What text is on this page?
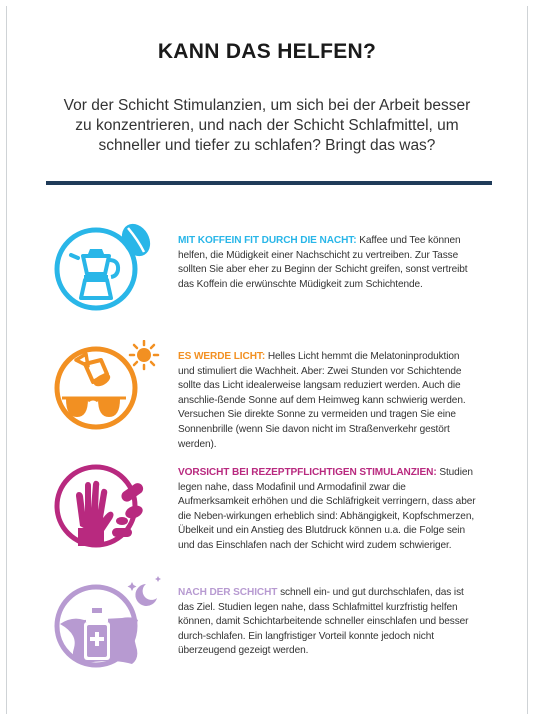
KANN DAS HELFEN?
Vor der Schicht Stimulanzien, um sich bei der Arbeit besser zu konzentrieren, und nach der Schicht Schlafmittel, um schneller und tiefer zu schlafen? Bringt das was?
MIT KOFFEIN FIT DURCH DIE NACHT: Kaffee und Tee können helfen, die Müdigkeit einer Nachschicht zu vertreiben. Zur Tasse sollten Sie aber eher zu Beginn der Schicht greifen, sonst vertreibt das Koffein die erwünschte Müdigkeit zum Schichtende.
ES WERDE LICHT: Helles Licht hemmt die Melatoninproduktion und stimuliert die Wachheit. Aber: Zwei Stunden vor Schichtende sollte das Licht idealerweise langsam reduziert werden. Auch die anschlie-ßende Sonne auf dem Heimweg kann schwierig werden. Versuchen Sie direkte Sonne zu vermeiden und tragen Sie eine Sonnenbrille (wenn Sie davon nicht im Straßenverkehr gestört werden).
VORSICHT BEI REZEPTPFLICHTIGEN STIMULANZIEN: Studien legen nahe, dass Modafinil und Armodafinil zwar die Aufmerksamkeit erhöhen und die Schläfrigkeit verringern, dass aber die Neben-wirkungen erheblich sind: Abhängigkeit, Kopfschmerzen, Übelkeit und ein Anstieg des Blutdruck können u.a. die Folge sein und das Einschlafen nach der Schicht wird zudem schwieriger.
NACH DER SCHICHT schnell ein- und gut durchschlafen, das ist das Ziel. Studien legen nahe, dass Schlafmittel kurzfristig helfen können, damit Schichtarbeitende schneller einschlafen und besser durch-schlafen. Ein langfristiger Vorteil konnte jedoch nicht überzeugend gezeigt werden.
